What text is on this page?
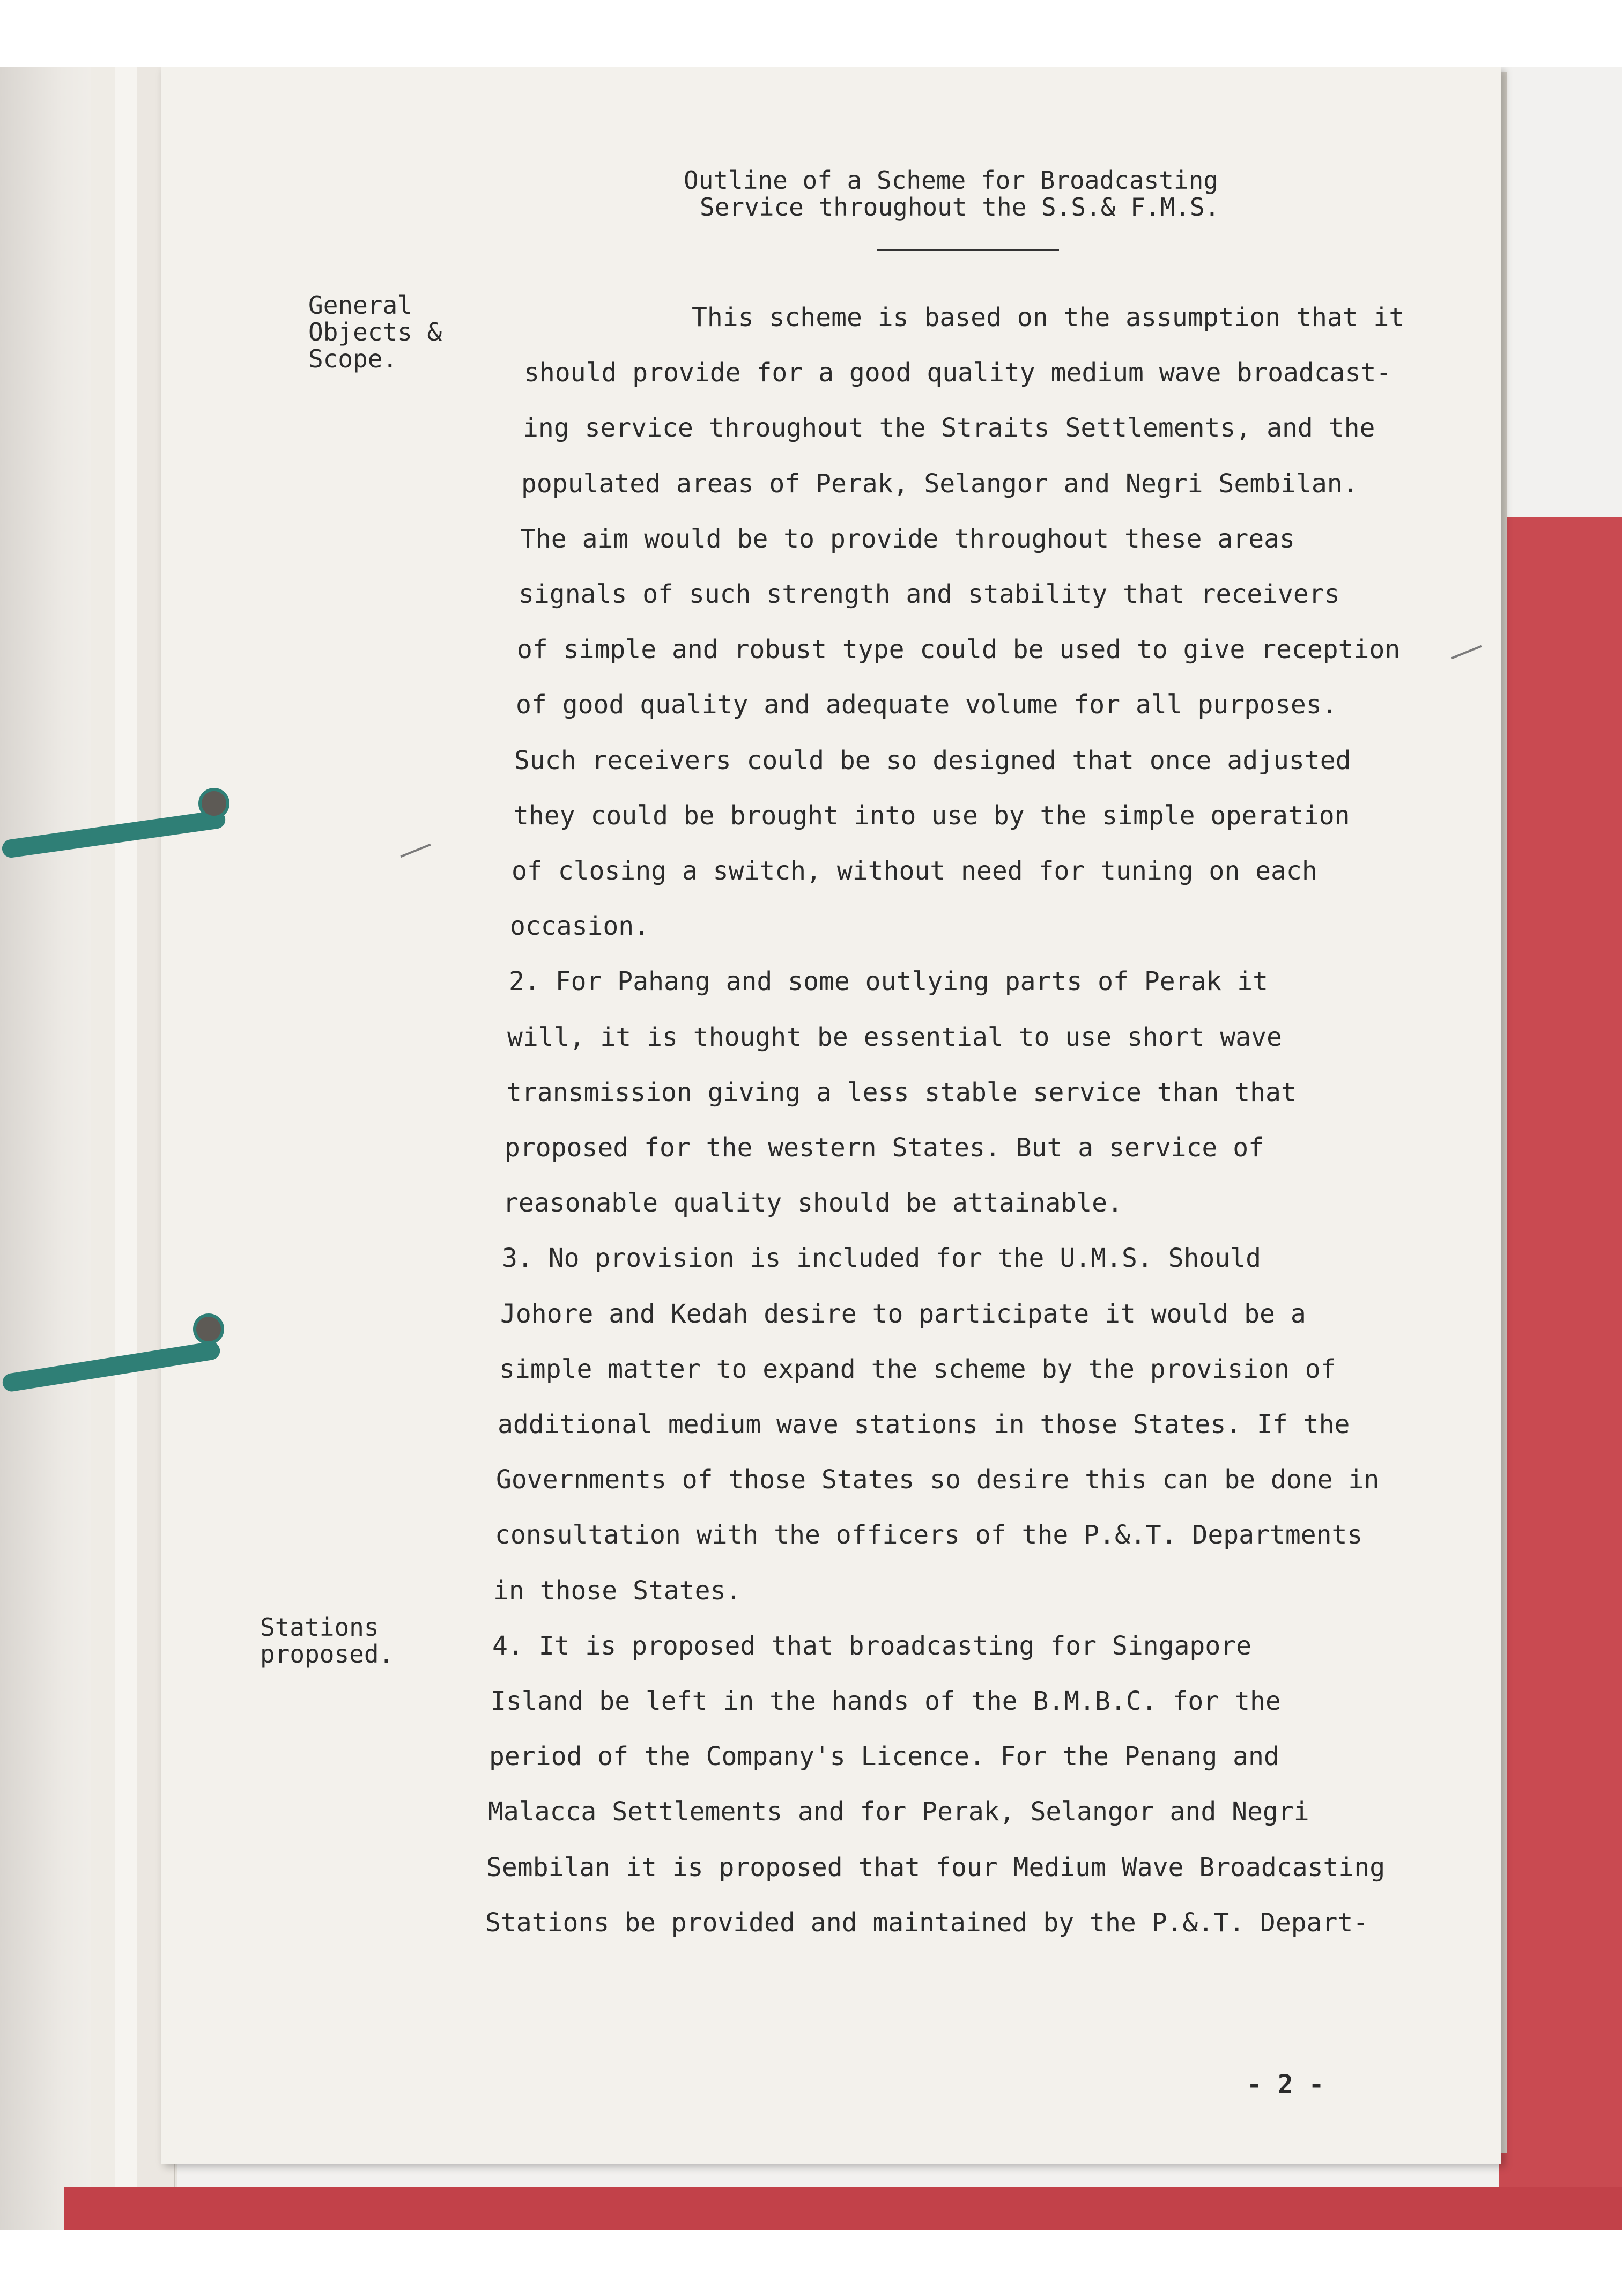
Outline of a Scheme for Broadcasting

Service throughout the S.S.& F.M.S.

General
Objects &
Scope.

Stations
proposed.

This scheme is based on the assumption that it

should provide for a good quality medium wave broadcast-

ing service throughout the Straits Settlements, and the

populated areas of Perak, Selangor and Negri Sembilan.

The aim would be to provide throughout these areas

signals of such strength and stability that receivers

of simple and robust type could be used to give reception

of good quality and adequate volume for all purposes.

Such receivers could be so designed that once adjusted

they could be brought into use by the simple operation

of closing a switch, without need for tuning on each

occasion.

2. For Pahang and some outlying parts of Perak it

will, it is thought be essential to use short wave

transmission giving a less stable service than that

proposed for the western States. But a service of

reasonable quality should be attainable.

3. No provision is included for the U.M.S. Should

Johore and Kedah desire to participate it would be a

simple matter to expand the scheme by the provision of

additional medium wave stations in those States. If the

Governments of those States so desire this can be done in

consultation with the officers of the P.&.T. Departments

in those States.

4. It is proposed that broadcasting for Singapore

Island be left in the hands of the B.M.B.C. for the

period of the Company's Licence. For the Penang and

Malacca Settlements and for Perak, Selangor and Negri

Sembilan it is proposed that four Medium Wave Broadcasting

Stations be provided and maintained by the P.&.T. Depart-

- 2 -
